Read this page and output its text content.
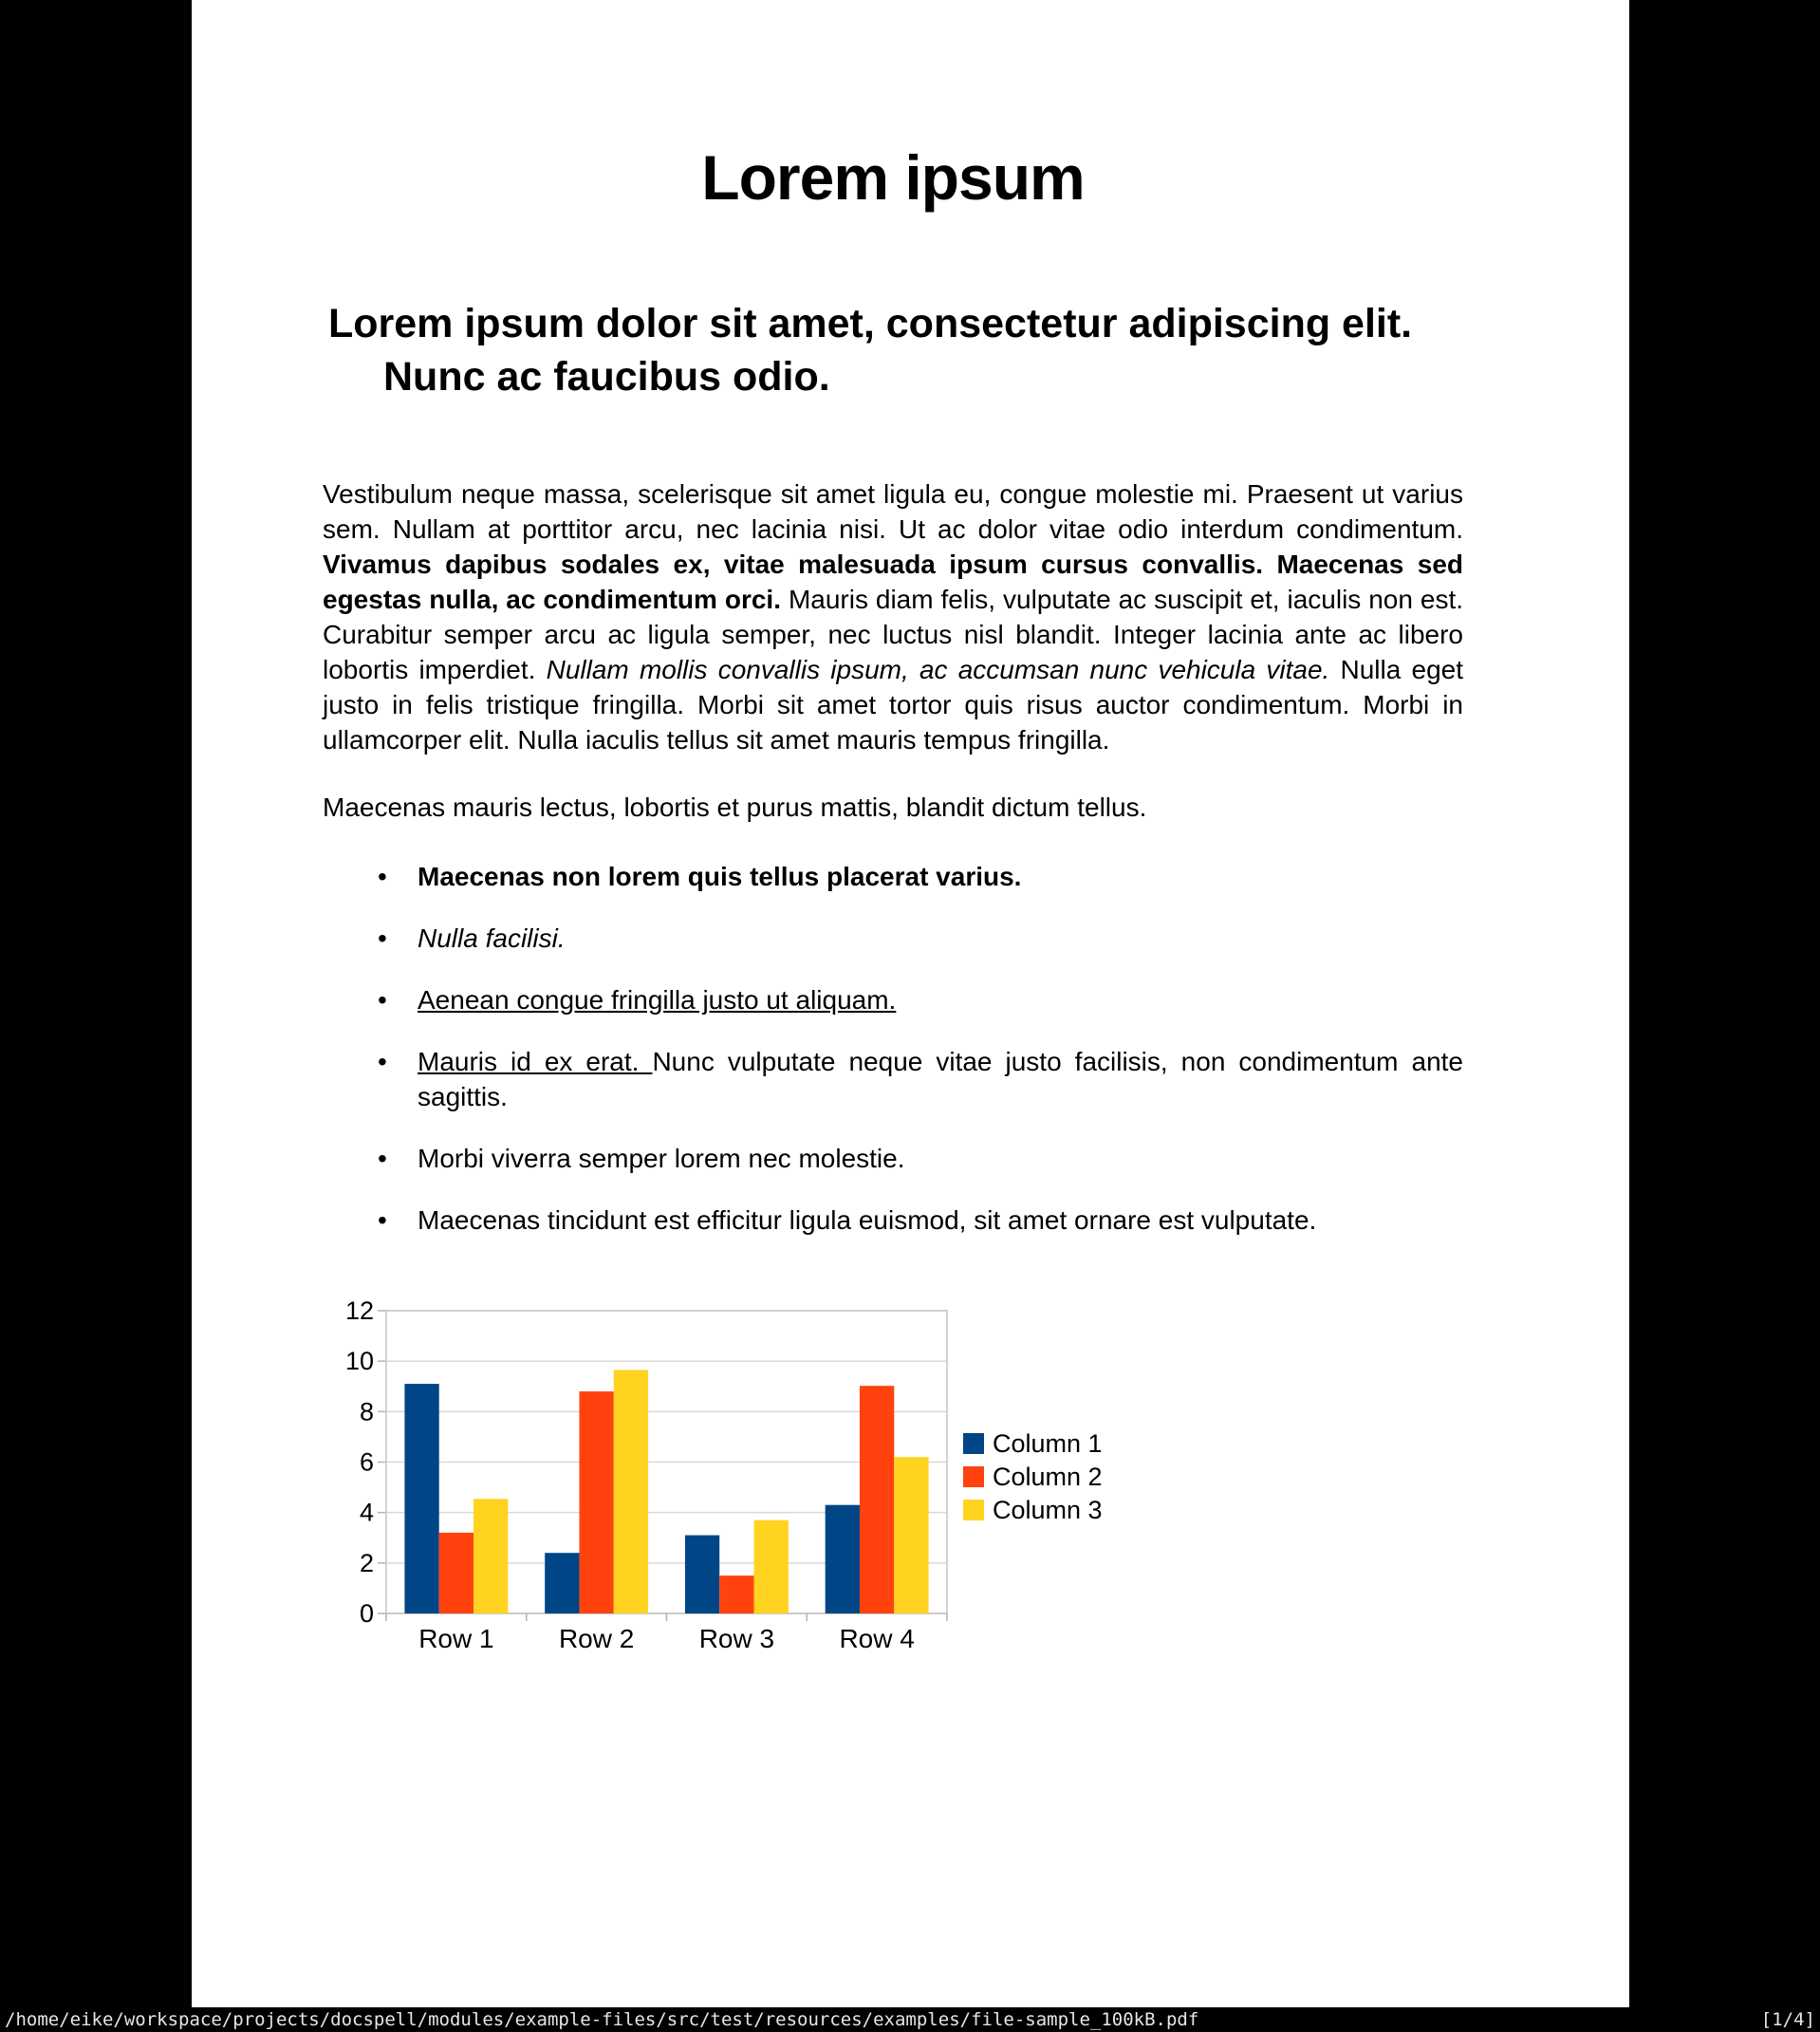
Lorem ipsum
Lorem ipsum dolor sit amet, consectetur adipiscing elit. Nunc ac faucibus odio.

Vestibulum neque massa, scelerisque sit amet ligula eu, congue molestie mi. Praesent ut varius sem. Nullam at porttitor arcu, nec lacinia nisi. Ut ac dolor vitae odio interdum condimentum. Vivamus dapibus sodales ex, vitae malesuada ipsum cursus convallis. Maecenas sed egestas nulla, ac condimentum orci. Mauris diam felis, vulputate ac suscipit et, iaculis non est. Curabitur semper arcu ac ligula semper, nec luctus nisl blandit. Integer lacinia ante ac libero lobortis imperdiet. Nullam mollis convallis ipsum, ac accumsan nunc vehicula vitae. Nulla eget justo in felis tristique fringilla. Morbi sit amet tortor quis risus auctor condimentum. Morbi in ullamcorper elit. Nulla iaculis tellus sit amet mauris tempus fringilla.

Maecenas mauris lectus, lobortis et purus mattis, blandit dictum tellus.

• Maecenas non lorem quis tellus placerat varius.
• Nulla facilisi.
• Aenean congue fringilla justo ut aliquam.
• Mauris id ex erat. Nunc vulputate neque vitae justo facilisis, non condimentum ante sagittis.
• Morbi viverra semper lorem nec molestie.
• Maecenas tincidunt est efficitur ligula euismod, sit amet ornare est vulputate.
0
2
4
6
8
10
12
Row 1 Row 2 Row 3 Row 4
Column 1
Column 2
Column 3
/home/eike/workspace/projects/docspell/modules/example-files/src/test/resources/examples/file-sample_100kB.pdf	[1/4]
